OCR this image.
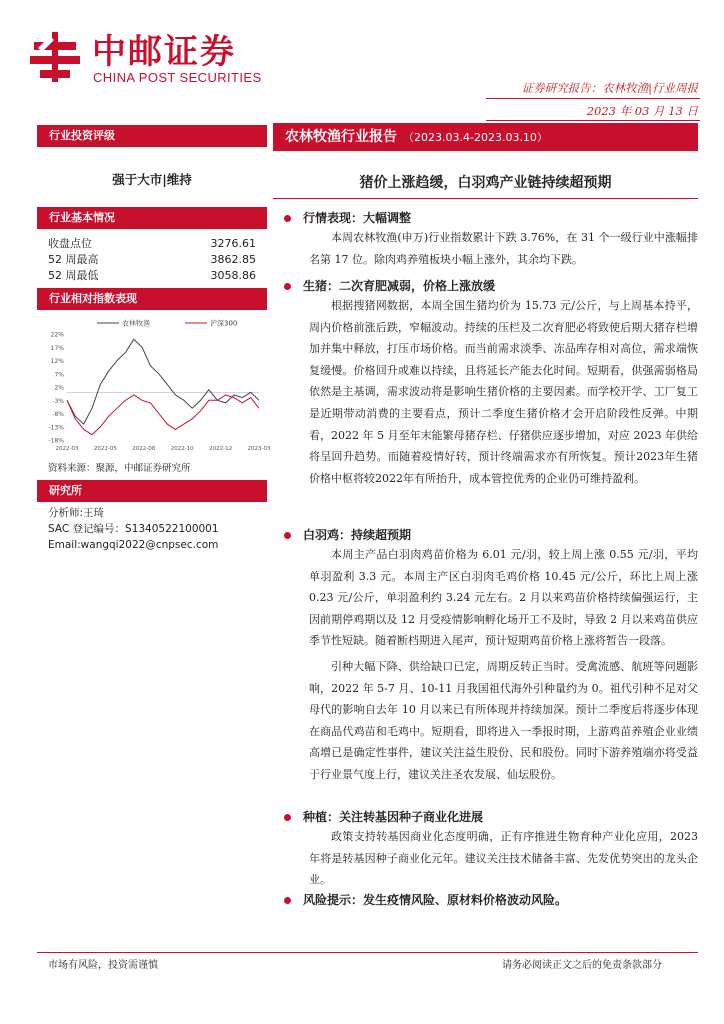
中邮证券
CHINA POST SECURITIES
证券研究报告：农林牧渔|行业周报
2023 年 03 月 13 日
行业投资评级
强于大市|维持
行业基本情况
收盘点位	3276.61
52 周最高	3862.85
52 周最低	3058.86
行业相对指数表现
22%
17%
12%
7%
2%
-3%
-8%
-13%
-18%
2022-03	2022-05	2022-08	2022-10	2022-12	2023-03
农林牧渔	沪深300
资料来源：聚源，中邮证券研究所
研究所
分析师:王琦
SAC 登记编号：S1340522100001
Email:wangqi2022@cnpsec.com
农林牧渔行业报告 （2023.03.4-2023.03.10）
猪价上涨趋缓，白羽鸡产业链持续超预期
行情表现：大幅调整
本周农林牧渔(申万)行业指数累计下跌 3.76%，在 31 个一级行业中涨幅排名第 17 位。除肉鸡养殖板块小幅上涨外，其余均下跌。
生猪：二次育肥减弱，价格上涨放缓
根据搜猪网数据，本周全国生猪均价为 15.73 元/公斤，与上周基本持平，周内价格前涨后跌，窄幅波动。持续的压栏及二次育肥必将致使后期大猪存栏增加并集中释放，打压市场价格。而当前需求淡季、冻品库存相对高位，需求端恢复缓慢。价格回升或难以持续，且将延长产能去化时间。短期看，供强需弱格局依然是主基调，需求波动将是影响生猪价格的主要因素。而学校开学、工厂复工是近期带动消费的主要看点，预计二季度生猪价格才会开启阶段性反弹。中期看，2022 年 5 月至年末能繁母猪存栏、仔猪供应逐步增加，对应 2023 年供给将呈回升趋势。而随着疫情好转，预计终端需求亦有所恢复。预计2023年生猪价格中枢将较2022年有所抬升，成本管控优秀的企业仍可维持盈利。
白羽鸡：持续超预期
本周主产品白羽肉鸡苗价格为 6.01 元/羽，较上周上涨 0.55 元/羽，平均单羽盈利 3.3 元。本周主产区白羽肉毛鸡价格 10.45 元/公斤，环比上周上涨 0.23 元/公斤，单羽盈利约 3.24 元左右。2 月以来鸡苗价格持续偏强运行，主因前期停鸡期以及 12 月受疫情影响孵化场开工不及时，导致 2 月以来鸡苗供应季节性短缺。随着断档期进入尾声，预计短期鸡苗价格上涨将暂告一段落。
引种大幅下降、供给缺口已定，周期反转正当时。受禽流感、航班等问题影响，2022 年 5-7 月、10-11 月我国祖代海外引种量约为 0。祖代引种不足对父母代的影响自去年 10 月以来已有所体现并持续加深。预计二季度后将逐步体现在商品代鸡苗和毛鸡中。短期看，即将进入一季报时期，上游鸡苗养殖企业业绩高增已是确定性事件，建议关注益生股份、民和股份。同时下游养殖端亦将受益于行业景气度上行，建议关注圣农发展、仙坛股份。
种植：关注转基因种子商业化进展
政策支持转基因商业化态度明确，正有序推进生物育种产业化应用，2023 年将是转基因种子商业化元年。建议关注技术储备丰富、先发优势突出的龙头企业。
风险提示：发生疫情风险、原材料价格波动风险。
市场有风险，投资需谨慎	请务必阅读正文之后的免责条款部分
